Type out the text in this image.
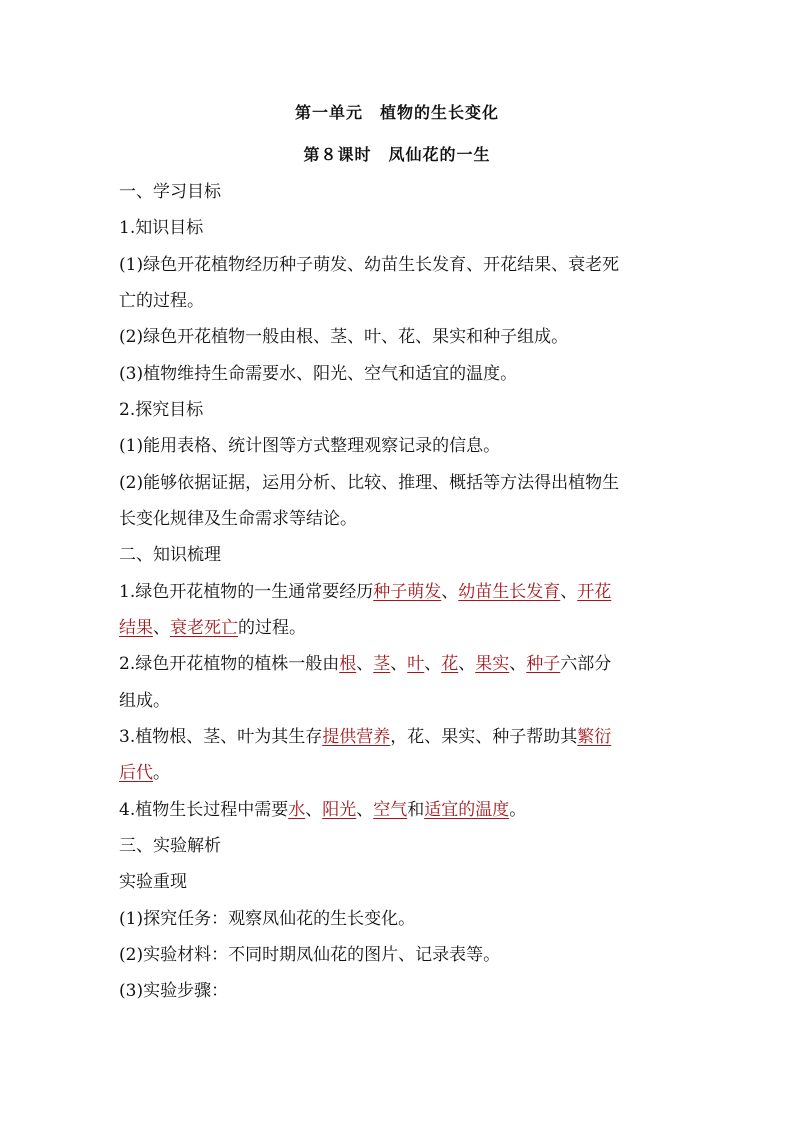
第一单元　植物的生长变化
第８课时　凤仙花的一生
一、学习目标
1.知识目标
(1)绿色开花植物经历种子萌发、幼苗生长发育、开花结果、衰老死
亡的过程。
(2)绿色开花植物一般由根、茎、叶、花、果实和种子组成。
(3)植物维持生命需要水、阳光、空气和适宜的温度。
2.探究目标
(1)能用表格、统计图等方式整理观察记录的信息。
(2)能够依据证据，运用分析、比较、推理、概括等方法得出植物生
长变化规律及生命需求等结论。
二、知识梳理
1.绿色开花植物的一生通常要经历种子萌发、幼苗生长发育、开花
结果、衰老死亡的过程。
2.绿色开花植物的植株一般由根、茎、叶、花、果实、种子六部分
组成。
3.植物根、茎、叶为其生存提供营养，花、果实、种子帮助其繁衍
后代。
4.植物生长过程中需要水、阳光、空气和适宜的温度。
三、实验解析
实验重现
(1)探究任务：观察凤仙花的生长变化。
(2)实验材料：不同时期凤仙花的图片、记录表等。
(3)实验步骤：
